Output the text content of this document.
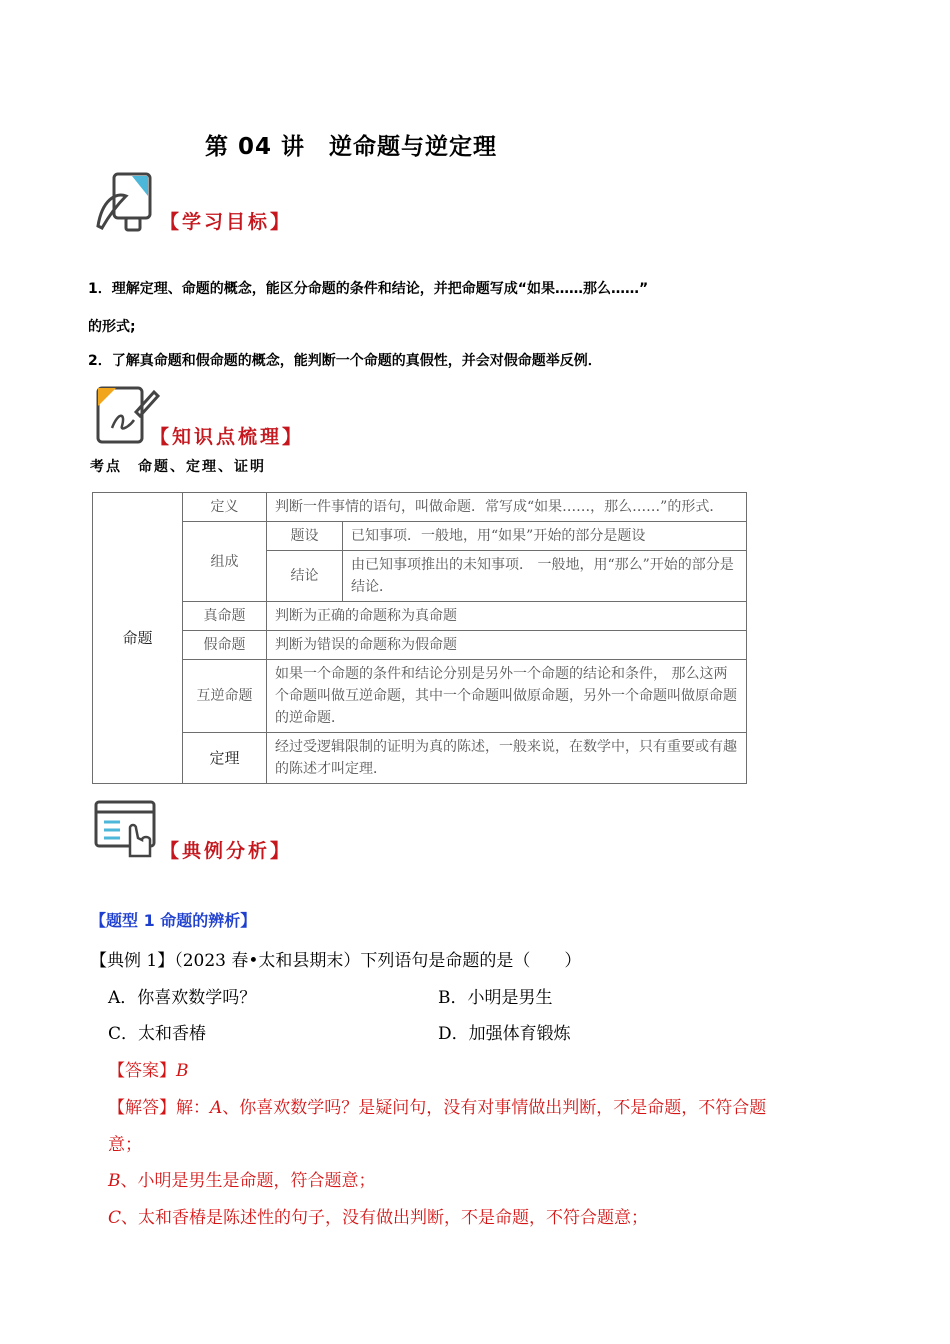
第 04 讲　逆命题与逆定理
【学习目标】
1．理解定理、命题的概念，能区分命题的条件和结论，并把命题写成“如果……那么……”
的形式;
2．了解真命题和假命题的概念，能判断一个命题的真假性，并会对假命题举反例．
【知识点梳理】
考点　命题、定理、证明
命题	定义	判断一件事情的语句，叫做命题．常写成“如果……，那么……”的形式．	
	组成	题设	已知事项．一般地，用“如果”开始的部分是题设
		结论	由已知事项推出的未知事项． 一般地，用“那么”开始的部分是结论．
	真命题	判断为正确的命题称为真命题	
	假命题	判断为错误的命题称为假命题	
	互逆命题	如果一个命题的条件和结论分别是另外一个命题的结论和条件， 那么这两个命题叫做互逆命题，其中一个命题叫做原命题，另外一个命题叫做原命题的逆命题．	
	定理	经过受逻辑限制的证明为真的陈述，一般来说，在数学中，只有重要或有趣的陈述才叫定理．	
【典例分析】
【题型 1 命题的辨析】
【典例 1】（2023 春•太和县期末）下列语句是命题的是（　　）
A．你喜欢数学吗？	B．小明是男生
C．太和香椿	D．加强体育锻炼
【答案】B
【解答】解：A、你喜欢数学吗？是疑问句，没有对事情做出判断，不是命题，不符合题
意；
B、小明是男生是命题，符合题意；
C、太和香椿是陈述性的句子，没有做出判断，不是命题，不符合题意；
